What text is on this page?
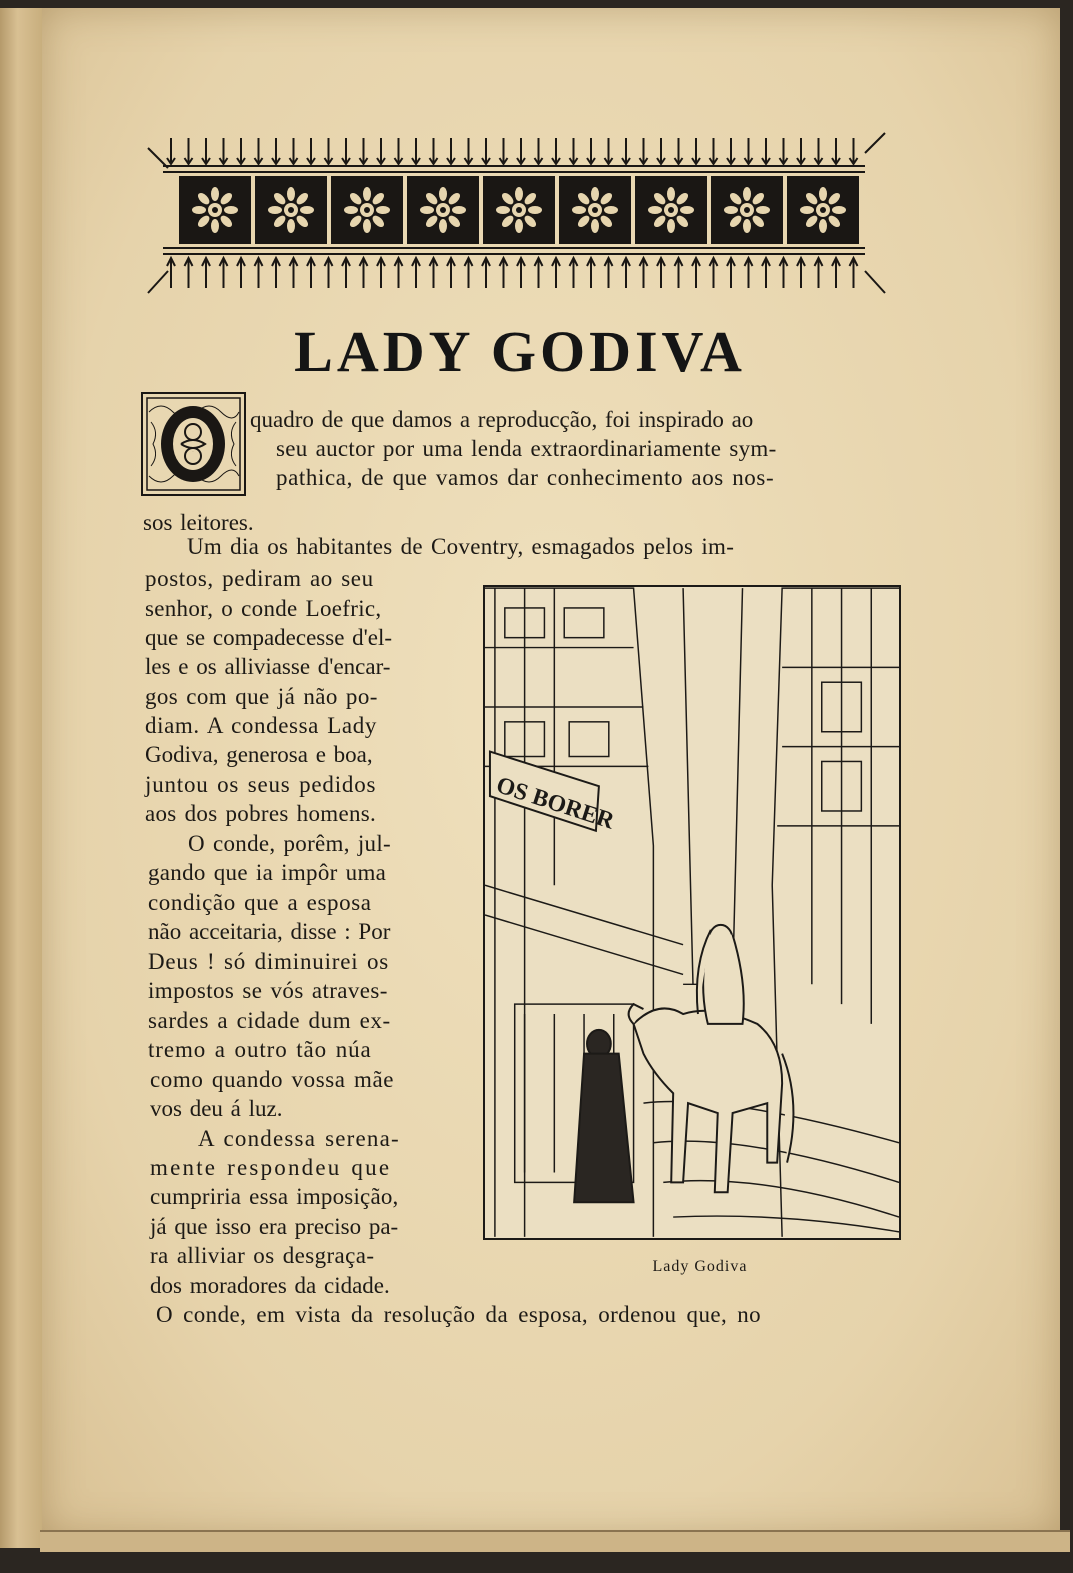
LADY GODIVA
O

quadro de que damos a reproducção, foi inspirado ao

seu auctor por uma lenda extraordinariamente sym-

pathica, de que vamos dar conhecimento aos nos-

sos leitores.

Um dia os habitantes de Coventry, esmagados pelos im-

postos, pediram ao seu

senhor, o conde Loefric,

que se compadecesse d'el-

les e os alliviasse d'encar-

gos com que já não po-

diam. A condessa Lady

Godiva, generosa e boa,

juntou os seus pedidos

aos dos pobres homens.

O conde, porêm, jul-

gando que ia impôr uma

condição que a esposa

não acceitaria, disse : Por

Deus ! só diminuirei os

impostos se vós atraves-

sardes a cidade dum ex-

tremo a outro tão núa

como quando vossa mãe

vos deu á luz.

A condessa serena-

mente respondeu que

cumpriria essa imposição,

já que isso era preciso pa-

ra alliviar os desgraça-

dos moradores da cidade.

O conde, em vista da resolução da esposa, ordenou que, no

OS BORER

Lady Godiva
